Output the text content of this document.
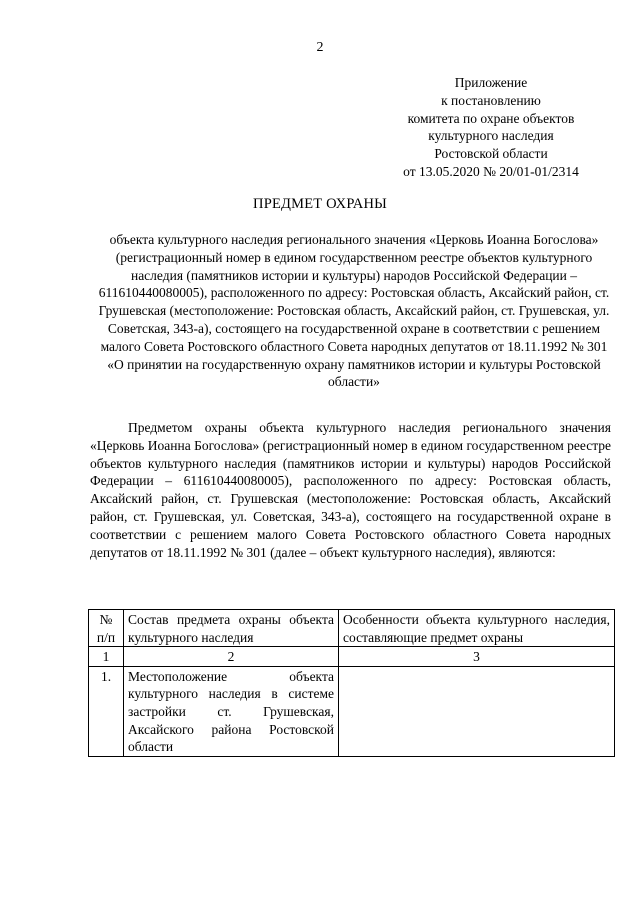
2
Приложение
к постановлению
комитета по охране объектов
культурного наследия
Ростовской области
от 13.05.2020 № 20/01-01/2314
ПРЕДМЕТ ОХРАНЫ
объекта культурного наследия регионального значения «Церковь Иоанна Богослова» (регистрационный номер в едином государственном реестре объектов культурного наследия (памятников истории и культуры) народов Российской Федерации – 611610440080005), расположенного по адресу: Ростовская область, Аксайский район, ст. Грушевская (местоположение: Ростовская область, Аксайский район, ст. Грушевская, ул. Советская, 343-а), состоящего на государственной охране в соответствии с решением малого Совета Ростовского областного Совета народных депутатов от 18.11.1992 № 301 «О принятии на государственную охрану памятников истории и культуры Ростовской области»
Предметом охраны объекта культурного наследия регионального значения «Церковь Иоанна Богослова» (регистрационный номер в едином государственном реестре объектов культурного наследия (памятников истории и культуры) народов Российской Федерации – 611610440080005), расположенного по адресу: Ростовская область, Аксайский район, ст. Грушевская (местоположение: Ростовская область, Аксайский район, ст. Грушевская, ул. Советская, 343-а), состоящего на государственной охране в соответствии с решением малого Совета Ростовского областного Совета народных депутатов от 18.11.1992 № 301 (далее – объект культурного наследия), являются:
№ п/п	Состав предмета охраны объекта культурного наследия	Особенности объекта культурного наследия, составляющие предмет охраны
1	2	3
1.	Местоположение объекта культурного наследия в системе застройки ст. Грушевская, Аксайского района Ростовской области	
